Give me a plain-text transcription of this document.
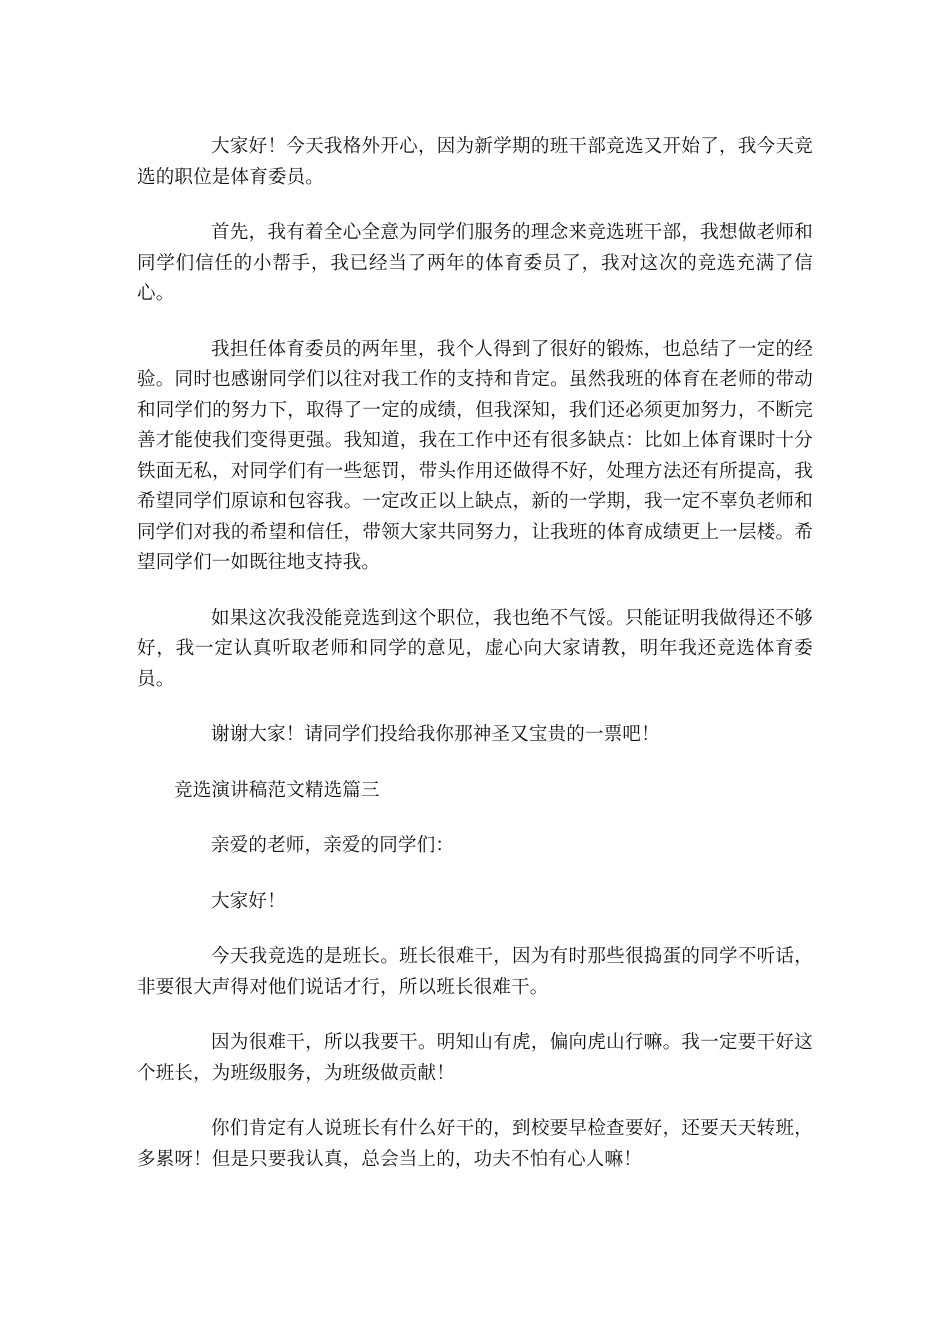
大家好！今天我格外开心，因为新学期的班干部竞选又开始了，我今天竞选的职位是体育委员。

首先，我有着全心全意为同学们服务的理念来竞选班干部，我想做老师和同学们信任的小帮手，我已经当了两年的体育委员了，我对这次的竞选充满了信心。

我担任体育委员的两年里，我个人得到了很好的锻炼，也总结了一定的经验。同时也感谢同学们以往对我工作的支持和肯定。虽然我班的体育在老师的带动和同学们的努力下，取得了一定的成绩，但我深知，我们还必须更加努力，不断完善才能使我们变得更强。我知道，我在工作中还有很多缺点：比如上体育课时十分铁面无私，对同学们有一些惩罚，带头作用还做得不好，处理方法还有所提高，我希望同学们原谅和包容我。一定改正以上缺点，新的一学期，我一定不辜负老师和同学们对我的希望和信任，带领大家共同努力，让我班的体育成绩更上一层楼。希望同学们一如既往地支持我。

如果这次我没能竞选到这个职位，我也绝不气馁。只能证明我做得还不够好，我一定认真听取老师和同学的意见，虚心向大家请教，明年我还竞选体育委员。

谢谢大家！请同学们投给我你那神圣又宝贵的一票吧！

竞选演讲稿范文精选篇三

亲爱的老师，亲爱的同学们：

大家好！

今天我竞选的是班长。班长很难干，因为有时那些很捣蛋的同学不听话，非要很大声得对他们说话才行，所以班长很难干。

因为很难干，所以我要干。明知山有虎，偏向虎山行嘛。我一定要干好这个班长，为班级服务，为班级做贡献！

你们肯定有人说班长有什么好干的，到校要早检查要好，还要天天转班，多累呀！但是只要我认真，总会当上的，功夫不怕有心人嘛！
